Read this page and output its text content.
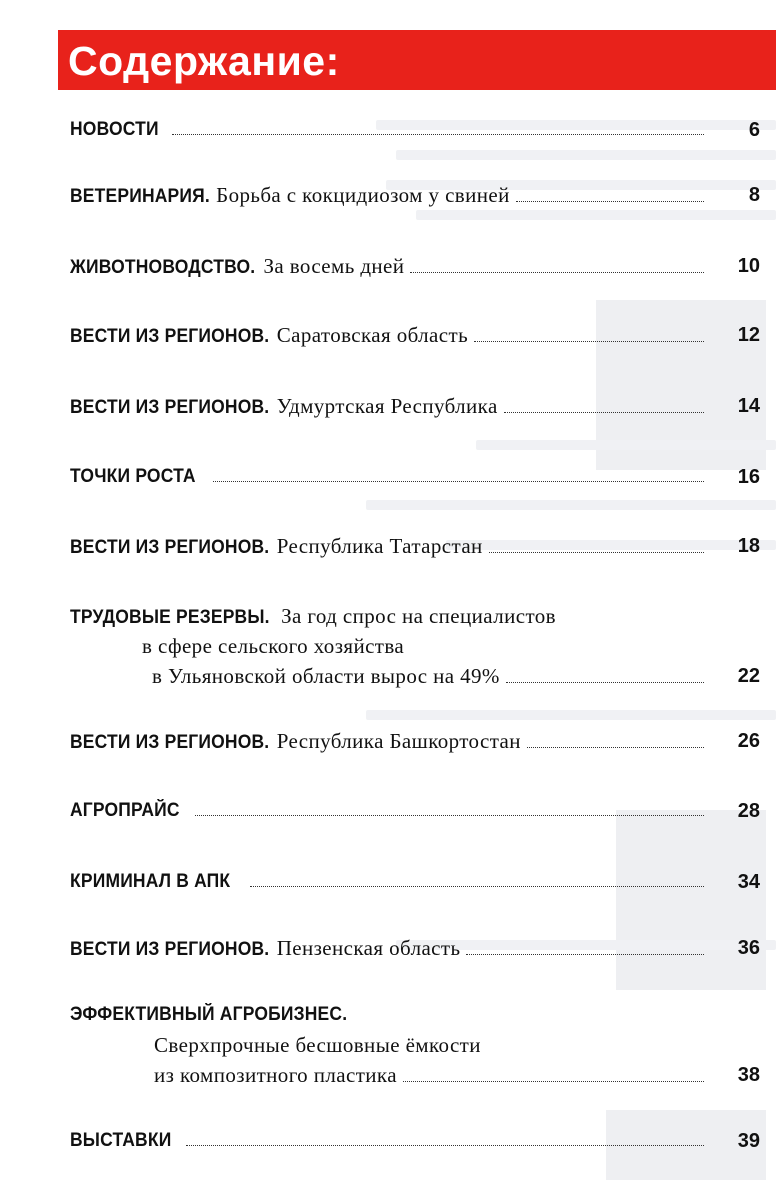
Содержание:
НОВОСТИ	6
ВЕТЕРИНАРИЯ. Борьба с кокцидиозом у свиней	8
ЖИВОТНОВОДСТВО. За восемь дней	10
ВЕСТИ ИЗ РЕГИОНОВ. Саратовская область	12
ВЕСТИ ИЗ РЕГИОНОВ. Удмуртская Республика	14
ТОЧКИ РОСТА	16
ВЕСТИ ИЗ РЕГИОНОВ. Республика Татарстан	18
ТРУДОВЫЕ РЕЗЕРВЫ. За год спрос на специалистов
в сфере сельского хозяйства
в Ульяновской области вырос на 49%	22
ВЕСТИ ИЗ РЕГИОНОВ. Республика Башкортостан	26
АГРОПРАЙС	28
КРИМИНАЛ В АПК	34
ВЕСТИ ИЗ РЕГИОНОВ. Пензенская область	36
ЭФФЕКТИВНЫЙ АГРОБИЗНЕС.
Сверхпрочные бесшовные ёмкости
из композитного пластика	38
ВЫСТАВКИ	39
